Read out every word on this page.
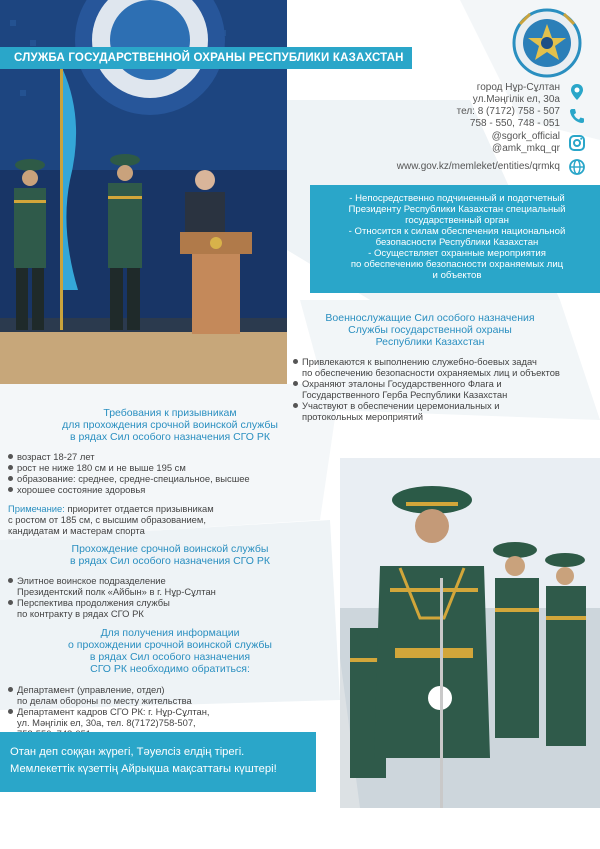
СЛУЖБА ГОСУДАРСТВЕННОЙ ОХРАНЫ РЕСПУБЛИКИ КАЗАХСТАН
город Нұр-Сұлтан
ул.Мәңгілік ел, 30а
тел: 8 (7172) 758 - 507
758 - 550, 748 - 051
@sgork_official
@amk_mkq_qr
www.gov.kz/memleket/entities/qrmkq
- Непосредственно подчиненный и подотчетный
Президенту Республики Казахстан специальный
государственный орган
- Относится к силам обеспечения национальной
безопасности Республики Казахстан
- Осуществляет охранные мероприятия
по обеспечению безопасности охраняемых лиц
и объектов
Военнослужащие Сил особого назначения
Службы государственной охраны
Республики Казахстан
Привлекаются к выполнению служебно-боевых задач
по обеспечению безопасности охраняемых лиц и объектов
Охраняют эталоны Государственного Флага и
Государственного Герба Республики Казахстан
Участвуют в обеспечении церемониальных и
протокольных мероприятий
Требования к призывникам
для прохождения срочной воинской службы
в рядах Сил особого назначения СГО РК
возраст 18-27 лет
рост не ниже 180 см и не выше 195 см
образование: среднее, средне-специальное, высшее
хорошее состояние здоровья
Примечание: приоритет отдается призывникам
с ростом от 185 см, с высшим образованием,
кандидатам и мастерам спорта
Прохождение срочной воинской службы
в рядах Сил особого назначения СГО РК
Элитное воинское подразделение
Президентский полк «Айбын» в г. Нұр-Сұлтан
Перспектива продолжения службы
по контракту в рядах СГО РК
Для получения информации
о прохождении срочной воинской службы
в рядах Сил особого назначения
СГО РК необходимо обратиться:
Департамент (управление, отдел)
по делам обороны по месту жительства
Департамент кадров СГО РК: г. Нұр-Сұлтан,
ул. Мәңгілік ел, 30а, тел. 8(7172)758-507,
Отан деп соққан жүрегі, Тәуелсіз елдің тірегі.
Мемлекеттік күзеттің Айрықша мақсаттағы күштері!
